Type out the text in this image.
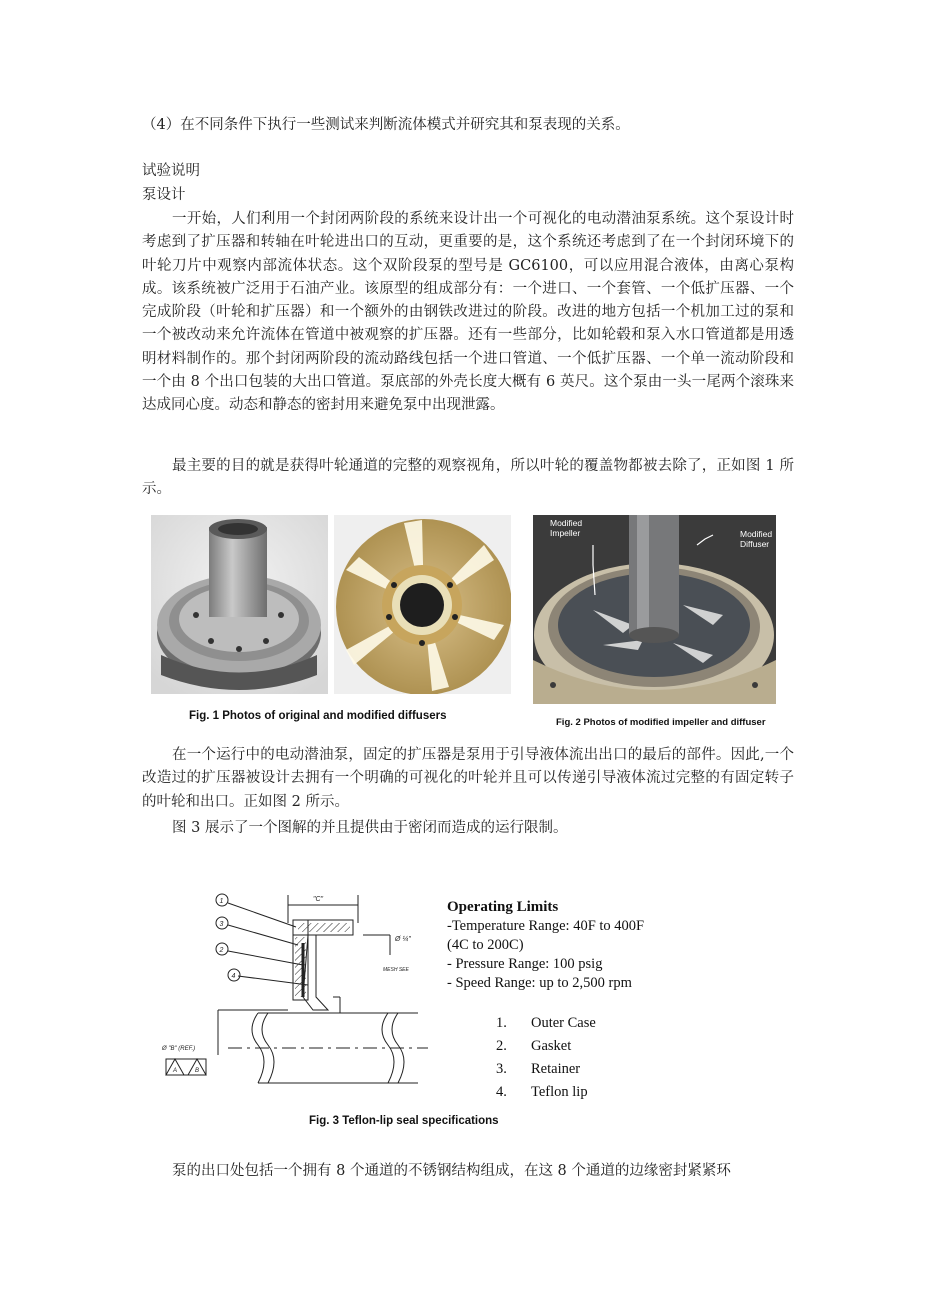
（4）在不同条件下执行一些测试来判断流体模式并研究其和泵表现的关系。
试验说明
泵设计
一开始，人们利用一个封闭两阶段的系统来设计出一个可视化的电动潜油泵系统。这个泵设计时考虑到了扩压器和转轴在叶轮进出口的互动，更重要的是，这个系统还考虑到了在一个封闭环境下的叶轮刀片中观察内部流体状态。这个双阶段泵的型号是 GC6100，可以应用混合液体，由离心泵构成。该系统被广泛用于石油产业。该原型的组成部分有：一个进口、一个套管、一个低扩压器、一个完成阶段（叶轮和扩压器）和一个额外的由钢铁改进过的阶段。改进的地方包括一个机加工过的泵和一个被改动来允许流体在管道中被观察的扩压器。还有一些部分，比如轮毂和泵入水口管道都是用透明材料制作的。那个封闭两阶段的流动路线包括一个进口管道、一个低扩压器、一个单一流动阶段和一个由 8 个出口包装的大出口管道。泵底部的外壳长度大概有 6 英尺。这个泵由一头一尾两个滚珠来达成同心度。动态和静态的密封用来避免泵中出现泄露。
最主要的目的就是获得叶轮通道的完整的观察视角，所以叶轮的覆盖物都被去除了，正如图 1 所示。
Modified
Impeller	Modified
Diffuser
Fig. 1 Photos of original and modified diffusers
Fig. 2 Photos of modified impeller and diffuser
在一个运行中的电动潜油泵，固定的扩压器是泵用于引导液体流出出口的最后的部件。因此,一个改造过的扩压器被设计去拥有一个明确的可视化的叶轮并且可以传递引导液体流过完整的有固定转子的叶轮和出口。正如图 2 所示。
图 3 展示了一个图解的并且提供由于密闭而造成的运行限制。
1
3
2
4
"C"
Ø ¼"
MESH SEE
Ø "B" (REF.)
A	B
Operating Limits
-Temperature Range: 40F to 400F
(4C to 200C)
- Pressure Range: 100 psig
- Speed Range: up to 2,500 rpm
1. Outer Case
2. Gasket
3. Retainer
4. Teflon lip
Fig. 3 Teflon-lip seal specifications
泵的出口处包括一个拥有 8 个通道的不锈钢结构组成，在这 8 个通道的边缘密封紧紧环
